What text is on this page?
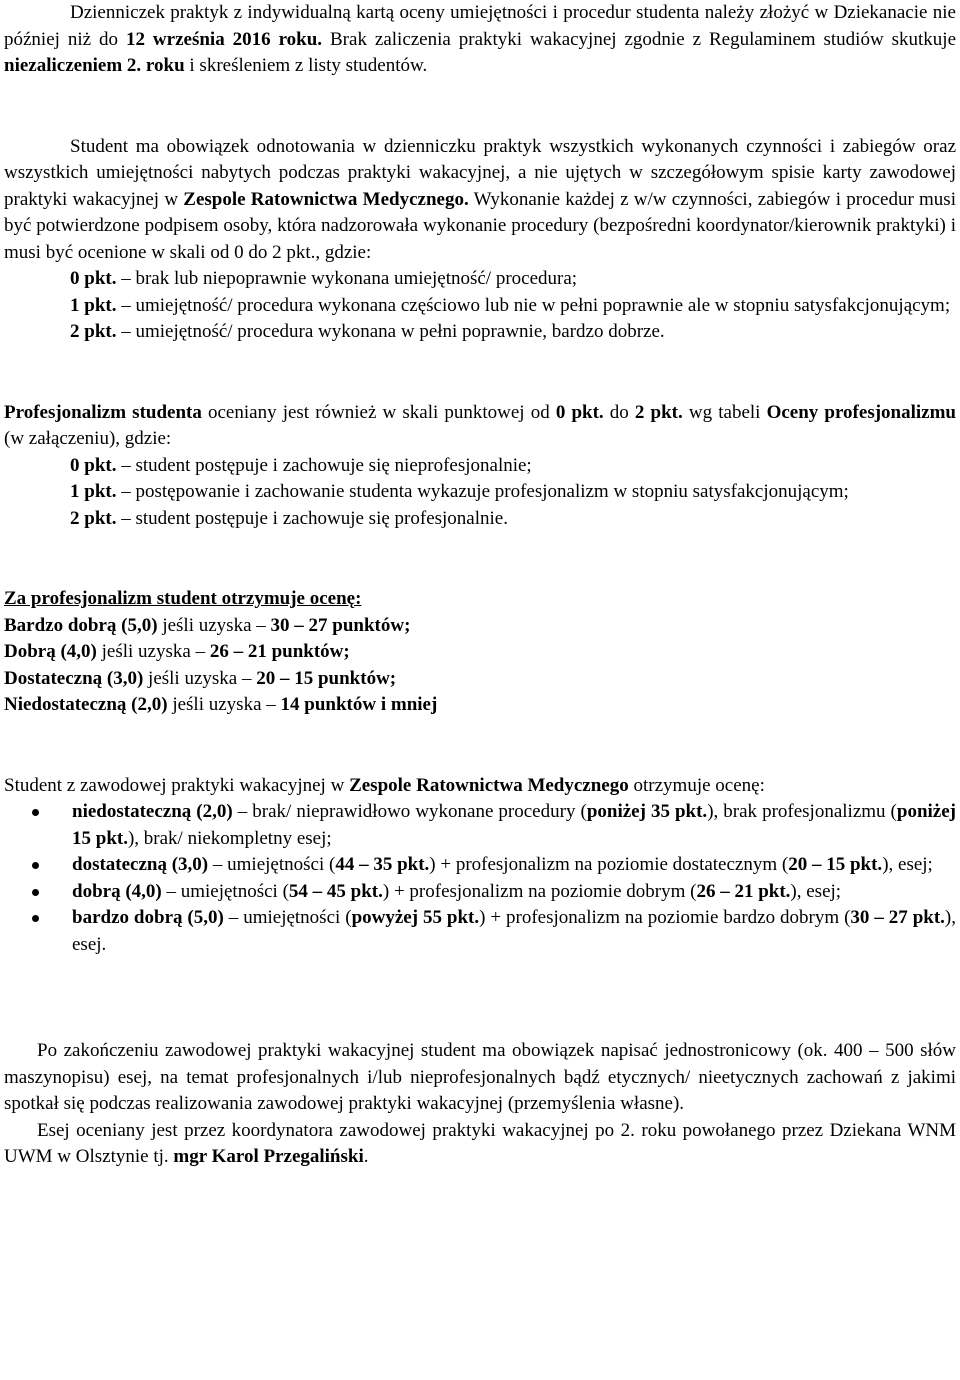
Dzienniczek praktyk z indywidualną kartą oceny umiejętności i procedur studenta należy złożyć w Dziekanacie nie później niż do 12 września 2016 roku. Brak zaliczenia praktyki wakacyjnej zgodnie z Regulaminem studiów skutkuje niezaliczeniem 2. roku i skreśleniem z listy studentów.

Student ma obowiązek odnotowania w dzienniczku praktyk wszystkich wykonanych czynności i zabiegów oraz wszystkich umiejętności nabytych podczas praktyki wakacyjnej, a nie ujętych w szczegółowym spisie karty zawodowej praktyki wakacyjnej w Zespole Ratownictwa Medycznego. Wykonanie każdej z w/w czynności, zabiegów i procedur musi być potwierdzone podpisem osoby, która nadzorowała wykonanie procedury (bezpośredni koordynator/kierownik praktyki) i musi być ocenione w skali od 0 do 2 pkt., gdzie:

0 pkt. – brak lub niepoprawnie wykonana umiejętność/ procedura;

1 pkt. – umiejętność/ procedura wykonana częściowo lub nie w pełni poprawnie ale w stopniu satysfakcjonującym;

2 pkt. – umiejętność/ procedura wykonana w pełni poprawnie, bardzo dobrze.

Profesjonalizm studenta oceniany jest również w skali punktowej od 0 pkt. do 2 pkt. wg tabeli Oceny profesjonalizmu (w załączeniu), gdzie:

0 pkt. – student postępuje i zachowuje się nieprofesjonalnie;

1 pkt. – postępowanie i zachowanie studenta wykazuje profesjonalizm w stopniu satysfakcjonującym;

2 pkt. – student postępuje i zachowuje się profesjonalnie.

Za profesjonalizm student otrzymuje ocenę:

Bardzo dobrą (5,0) jeśli uzyska – 30 – 27 punktów;

Dobrą (4,0) jeśli uzyska – 26 – 21 punktów;

Dostateczną (3,0) jeśli uzyska – 20 – 15 punktów;

Niedostateczną (2,0) jeśli uzyska – 14 punktów i mniej

Student z zawodowej praktyki wakacyjnej w Zespole Ratownictwa Medycznego otrzymuje ocenę:

niedostateczną (2,0) – brak/ nieprawidłowo wykonane procedury (poniżej 35 pkt.), brak profesjonalizmu (poniżej 15 pkt.), brak/ niekompletny esej;
dostateczną (3,0) – umiejętności (44 – 35 pkt.) + profesjonalizm na poziomie dostatecznym (20 – 15 pkt.), esej;
dobrą (4,0) – umiejętności (54 – 45 pkt.) + profesjonalizm na poziomie dobrym (26 – 21 pkt.), esej;
bardzo dobrą (5,0) – umiejętności (powyżej 55 pkt.) + profesjonalizm na poziomie bardzo dobrym (30 – 27 pkt.), esej.

Po zakończeniu zawodowej praktyki wakacyjnej student ma obowiązek napisać jednostronicowy (ok. 400 – 500 słów maszynopisu) esej, na temat profesjonalnych i/lub nieprofesjonalnych bądź etycznych/ nieetycznych zachowań z jakimi spotkał się podczas realizowania zawodowej praktyki wakacyjnej (przemyślenia własne).

Esej oceniany jest przez koordynatora zawodowej praktyki wakacyjnej po 2. roku powołanego przez Dziekana WNM UWM w Olsztynie tj. mgr Karol Przegaliński.
